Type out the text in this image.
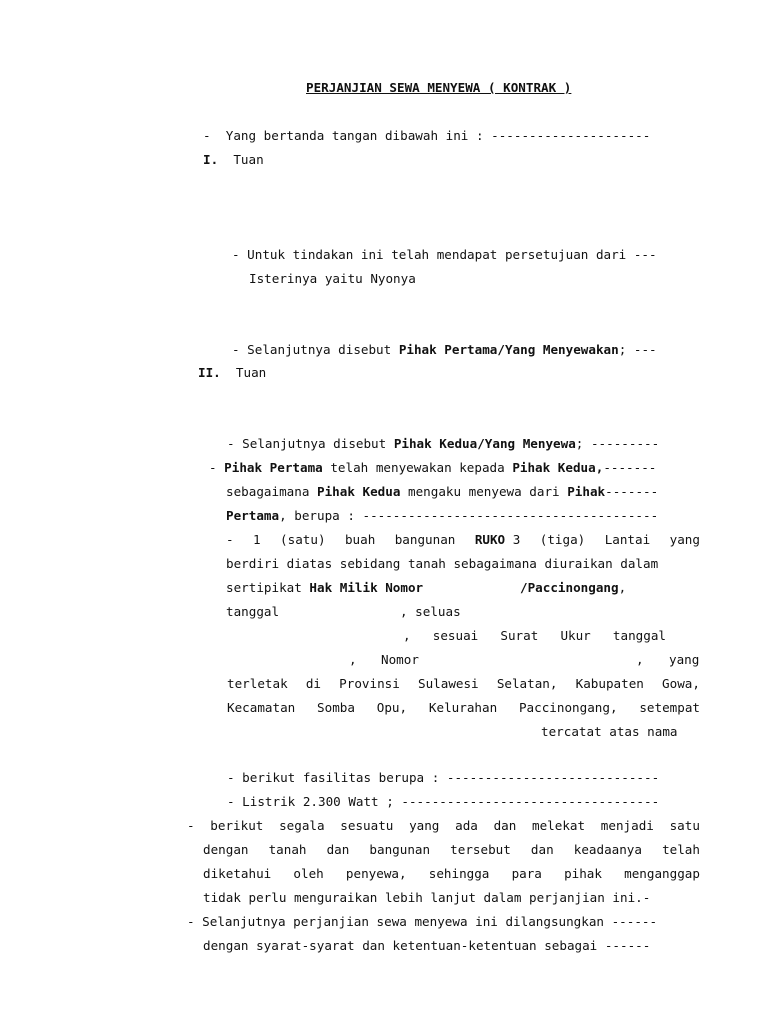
PERJANJIAN SEWA MENYEWA ( KONTRAK )
-  Yang bertanda tangan dibawah ini : ---------------------
I. Tuan
- Untuk tindakan ini telah mendapat persetujuan dari ---
Isterinya yaitu Nyonya
- Selanjutnya disebut Pihak Pertama/Yang Menyewakan; ---
II. Tuan
- Selanjutnya disebut Pihak Kedua/Yang Menyewa; ---------
- Pihak Pertama telah menyewakan kepada Pihak Kedua,-------
sebagaimana Pihak Kedua mengaku menyewa dari Pihak-------
Pertama, berupa : ---------------------------------------
- 1 (satu) buah bangunan RUKO 3 (tiga) Lantai yang
berdiri diatas sebidang tanah sebagaimana diuraikan dalam
sertipikat Hak Milik Nomor	/Paccinongang,
tanggal	, seluas
, sesuai Surat Ukur tanggal
, Nomor	, yang
terletak di Provinsi Sulawesi Selatan, Kabupaten Gowa,
Kecamatan Somba Opu, Kelurahan Paccinongang, setempat
tercatat atas nama
- berikut fasilitas berupa : ----------------------------
- Listrik 2.300 Watt ; ----------------------------------
- berikut segala sesuatu yang ada dan melekat menjadi satu
dengan tanah dan bangunan tersebut dan keadaanya telah
diketahui oleh penyewa, sehingga para pihak menganggap
tidak perlu menguraikan lebih lanjut dalam perjanjian ini.-
- Selanjutnya perjanjian sewa menyewa ini dilangsungkan ------
dengan syarat-syarat dan ketentuan-ketentuan sebagai ------
